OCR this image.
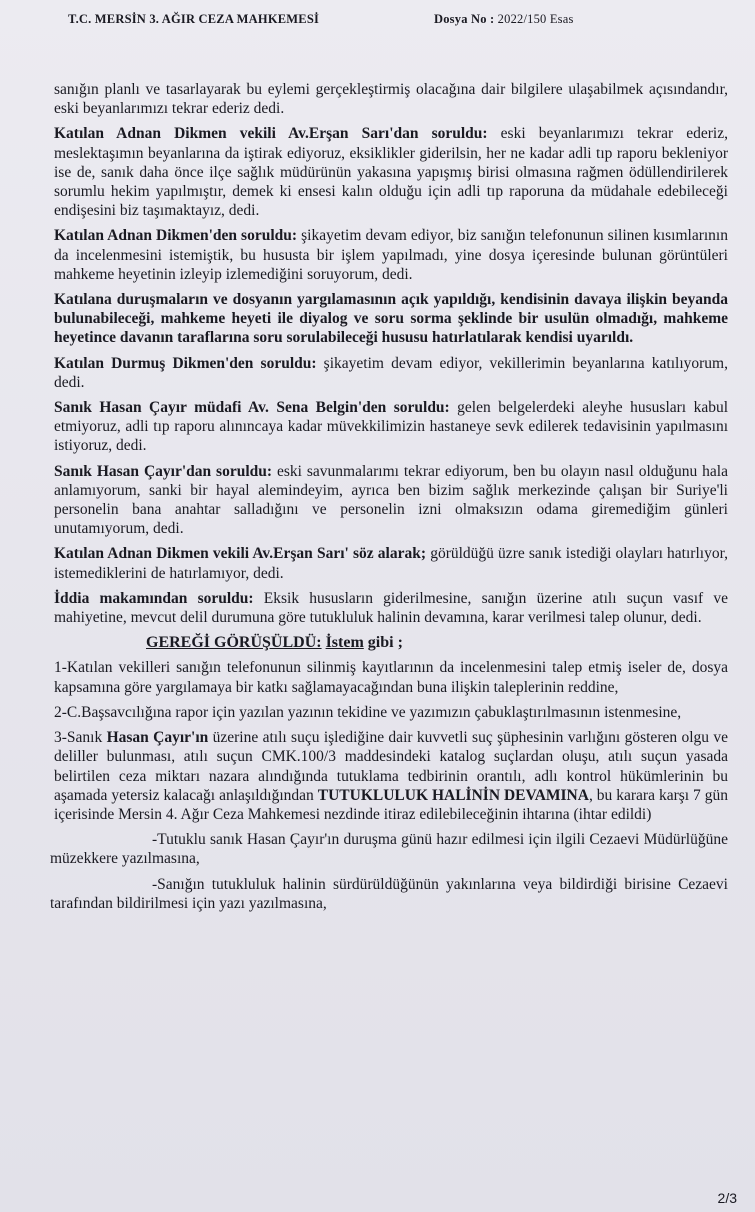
T.C. MERSİN 3. AĞIR CEZA MAHKEMESİ	Dosya No : 2022/150 Esas

sanığın planlı ve tasarlayarak bu eylemi gerçekleştirmiş olacağına dair bilgilere ulaşabilmek açısındandır, eski beyanlarımızı tekrar ederiz dedi.

Katılan Adnan Dikmen vekili Av.Erşan Sarı'dan soruldu: eski beyanlarımızı tekrar ederiz, meslektaşımın beyanlarına da iştirak ediyoruz, eksiklikler giderilsin, her ne kadar adli tıp raporu bekleniyor ise de, sanık daha önce ilçe sağlık müdürünün yakasına yapışmış birisi olmasına rağmen ödüllendirilerek sorumlu hekim yapılmıştır, demek ki ensesi kalın olduğu için adli tıp raporuna da müdahale edebileceği endişesini biz taşımaktayız, dedi.

Katılan Adnan Dikmen'den soruldu: şikayetim devam ediyor, biz sanığın telefonunun silinen kısımlarının da incelenmesini istemiştik, bu hususta bir işlem yapılmadı, yine dosya içeresinde bulunan görüntüleri mahkeme heyetinin izleyip izlemediğini soruyorum, dedi.

Katılana duruşmaların ve dosyanın yargılamasının açık yapıldığı, kendisinin davaya ilişkin beyanda bulunabileceği, mahkeme heyeti ile diyalog ve soru sorma şeklinde bir usulün olmadığı, mahkeme heyetince davanın taraflarına soru sorulabileceği hususu hatırlatılarak kendisi uyarıldı.

Katılan Durmuş Dikmen'den soruldu: şikayetim devam ediyor, vekillerimin beyanlarına katılıyorum, dedi.

Sanık Hasan Çayır müdafi Av. Sena Belgin'den soruldu: gelen belgelerdeki aleyhe hususları kabul etmiyoruz, adli tıp raporu alınıncaya kadar müvekkilimizin hastaneye sevk edilerek tedavisinin yapılmasını istiyoruz, dedi.

Sanık Hasan Çayır'dan soruldu: eski savunmalarımı tekrar ediyorum, ben bu olayın nasıl olduğunu hala anlamıyorum, sanki bir hayal alemindeyim, ayrıca ben bizim sağlık merkezinde çalışan bir Suriye'li personelin bana anahtar salladığını ve personelin izni olmaksızın odama giremediğim günleri unutamıyorum, dedi.

Katılan Adnan Dikmen vekili Av.Erşan Sarı' söz alarak; görüldüğü üzre sanık istediği olayları hatırlıyor, istemediklerini de hatırlamıyor, dedi.

İddia makamından soruldu: Eksik hususların giderilmesine, sanığın üzerine atılı suçun vasıf ve mahiyetine, mevcut delil durumuna göre tutukluluk halinin devamına, karar verilmesi talep olunur, dedi.

GEREĞİ GÖRÜŞÜLDÜ: İstem gibi ;

1-Katılan vekilleri sanığın telefonunun silinmiş kayıtlarının da incelenmesini talep etmiş iseler de, dosya kapsamına göre yargılamaya bir katkı sağlamayacağından buna ilişkin taleplerinin reddine,

2-C.Başsavcılığına rapor için yazılan yazının tekidine ve yazımızın çabuklaştırılmasının istenmesine,

3-Sanık Hasan Çayır'ın üzerine atılı suçu işlediğine dair kuvvetli suç şüphesinin varlığını gösteren olgu ve deliller bulunması, atılı suçun CMK.100/3 maddesindeki katalog suçlardan oluşu, atılı suçun yasada belirtilen ceza miktarı nazara alındığında tutuklama tedbirinin orantılı, adlı kontrol hükümlerinin bu aşamada yetersiz kalacağı anlaşıldığından TUTUKLULUK HALİNİN DEVAMINA, bu karara karşı 7 gün içerisinde Mersin 4. Ağır Ceza Mahkemesi nezdinde itiraz edilebileceğinin ihtarına (ihtar edildi)

-Tutuklu sanık Hasan Çayır'ın duruşma günü hazır edilmesi için ilgili Cezaevi Müdürlüğüne müzekkere yazılmasına,

-Sanığın tutukluluk halinin sürdürüldüğünün yakınlarına veya bildirdiği birisine Cezaevi tarafından bildirilmesi için yazı yazılmasına,

2/3
